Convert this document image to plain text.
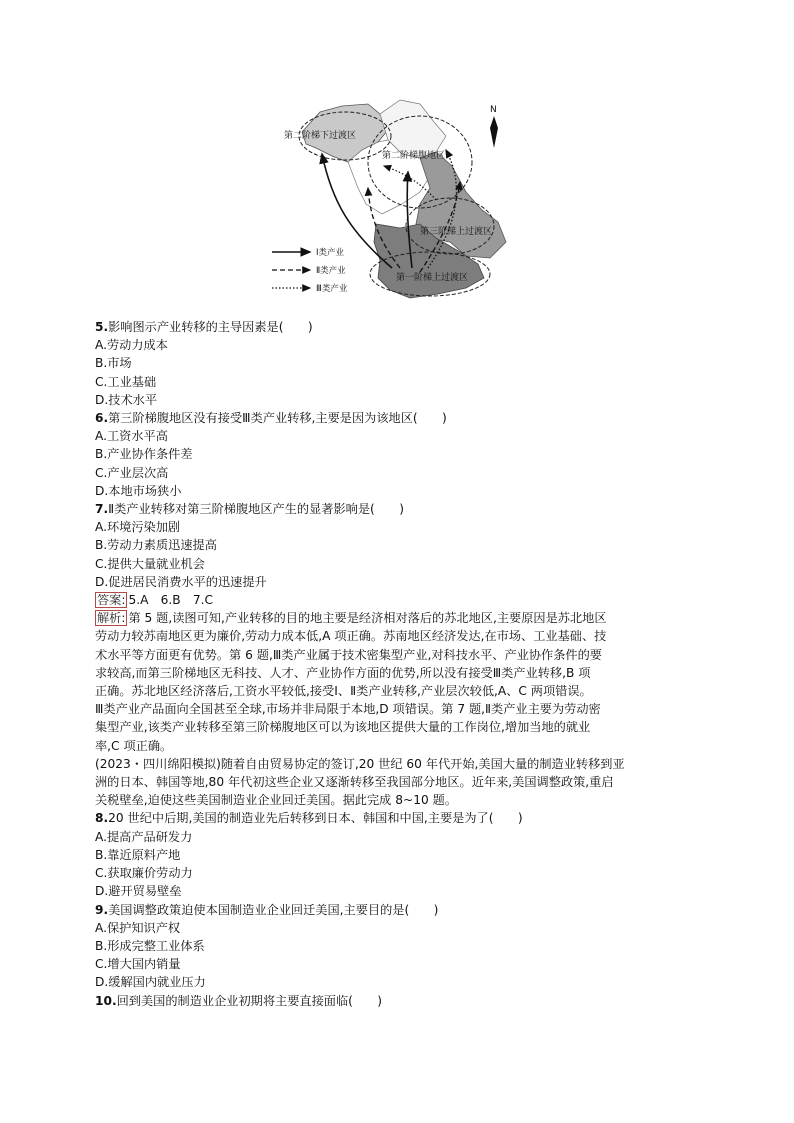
第二阶梯下过渡区
第二阶梯腹地区
第三阶梯上过渡区
第一阶梯上过渡区
N
Ⅰ类产业
Ⅱ类产业
Ⅲ类产业
5.影响图示产业转移的主导因素是(　　)
A.劳动力成本
B.市场
C.工业基础
D.技术水平
6.第三阶梯腹地区没有接受Ⅲ类产业转移,主要是因为该地区(　　)
A.工资水平高
B.产业协作条件差
C.产业层次高
D.本地市场狭小
7.Ⅱ类产业转移对第三阶梯腹地区产生的显著影响是(　　)
A.环境污染加剧
B.劳动力素质迅速提高
C.提供大量就业机会
D.促进居民消费水平的迅速提升
答案: 5.A　6.B　7.C
解析: 第 5 题,读图可知,产业转移的目的地主要是经济相对落后的苏北地区,主要原因是苏北地区
劳动力较苏南地区更为廉价,劳动力成本低,A 项正确。苏南地区经济发达,在市场、工业基础、技
术水平等方面更有优势。第 6 题,Ⅲ类产业属于技术密集型产业,对科技水平、产业协作条件的要
求较高,而第三阶梯地区无科技、人才、产业协作方面的优势,所以没有接受Ⅲ类产业转移,B 项
正确。苏北地区经济落后,工资水平较低,接受Ⅰ、Ⅱ类产业转移,产业层次较低,A、C 两项错误。
Ⅲ类产业产品面向全国甚至全球,市场并非局限于本地,D 项错误。第 7 题,Ⅱ类产业主要为劳动密
集型产业,该类产业转移至第三阶梯腹地区可以为该地区提供大量的工作岗位,增加当地的就业
率,C 项正确。
(2023・四川绵阳模拟)随着自由贸易协定的签订,20 世纪 60 年代开始,美国大量的制造业转移到亚
洲的日本、韩国等地,80 年代初这些企业又逐渐转移至我国部分地区。近年来,美国调整政策,重启
关税壁垒,迫使这些美国制造业企业回迁美国。据此完成 8~10 题。
8.20 世纪中后期,美国的制造业先后转移到日本、韩国和中国,主要是为了(　　)
A.提高产品研发力
B.靠近原料产地
C.获取廉价劳动力
D.避开贸易壁垒
9.美国调整政策迫使本国制造业企业回迁美国,主要目的是(　　)
A.保护知识产权
B.形成完整工业体系
C.增大国内销量
D.缓解国内就业压力
10.回到美国的制造业企业初期将主要直接面临(　　)
